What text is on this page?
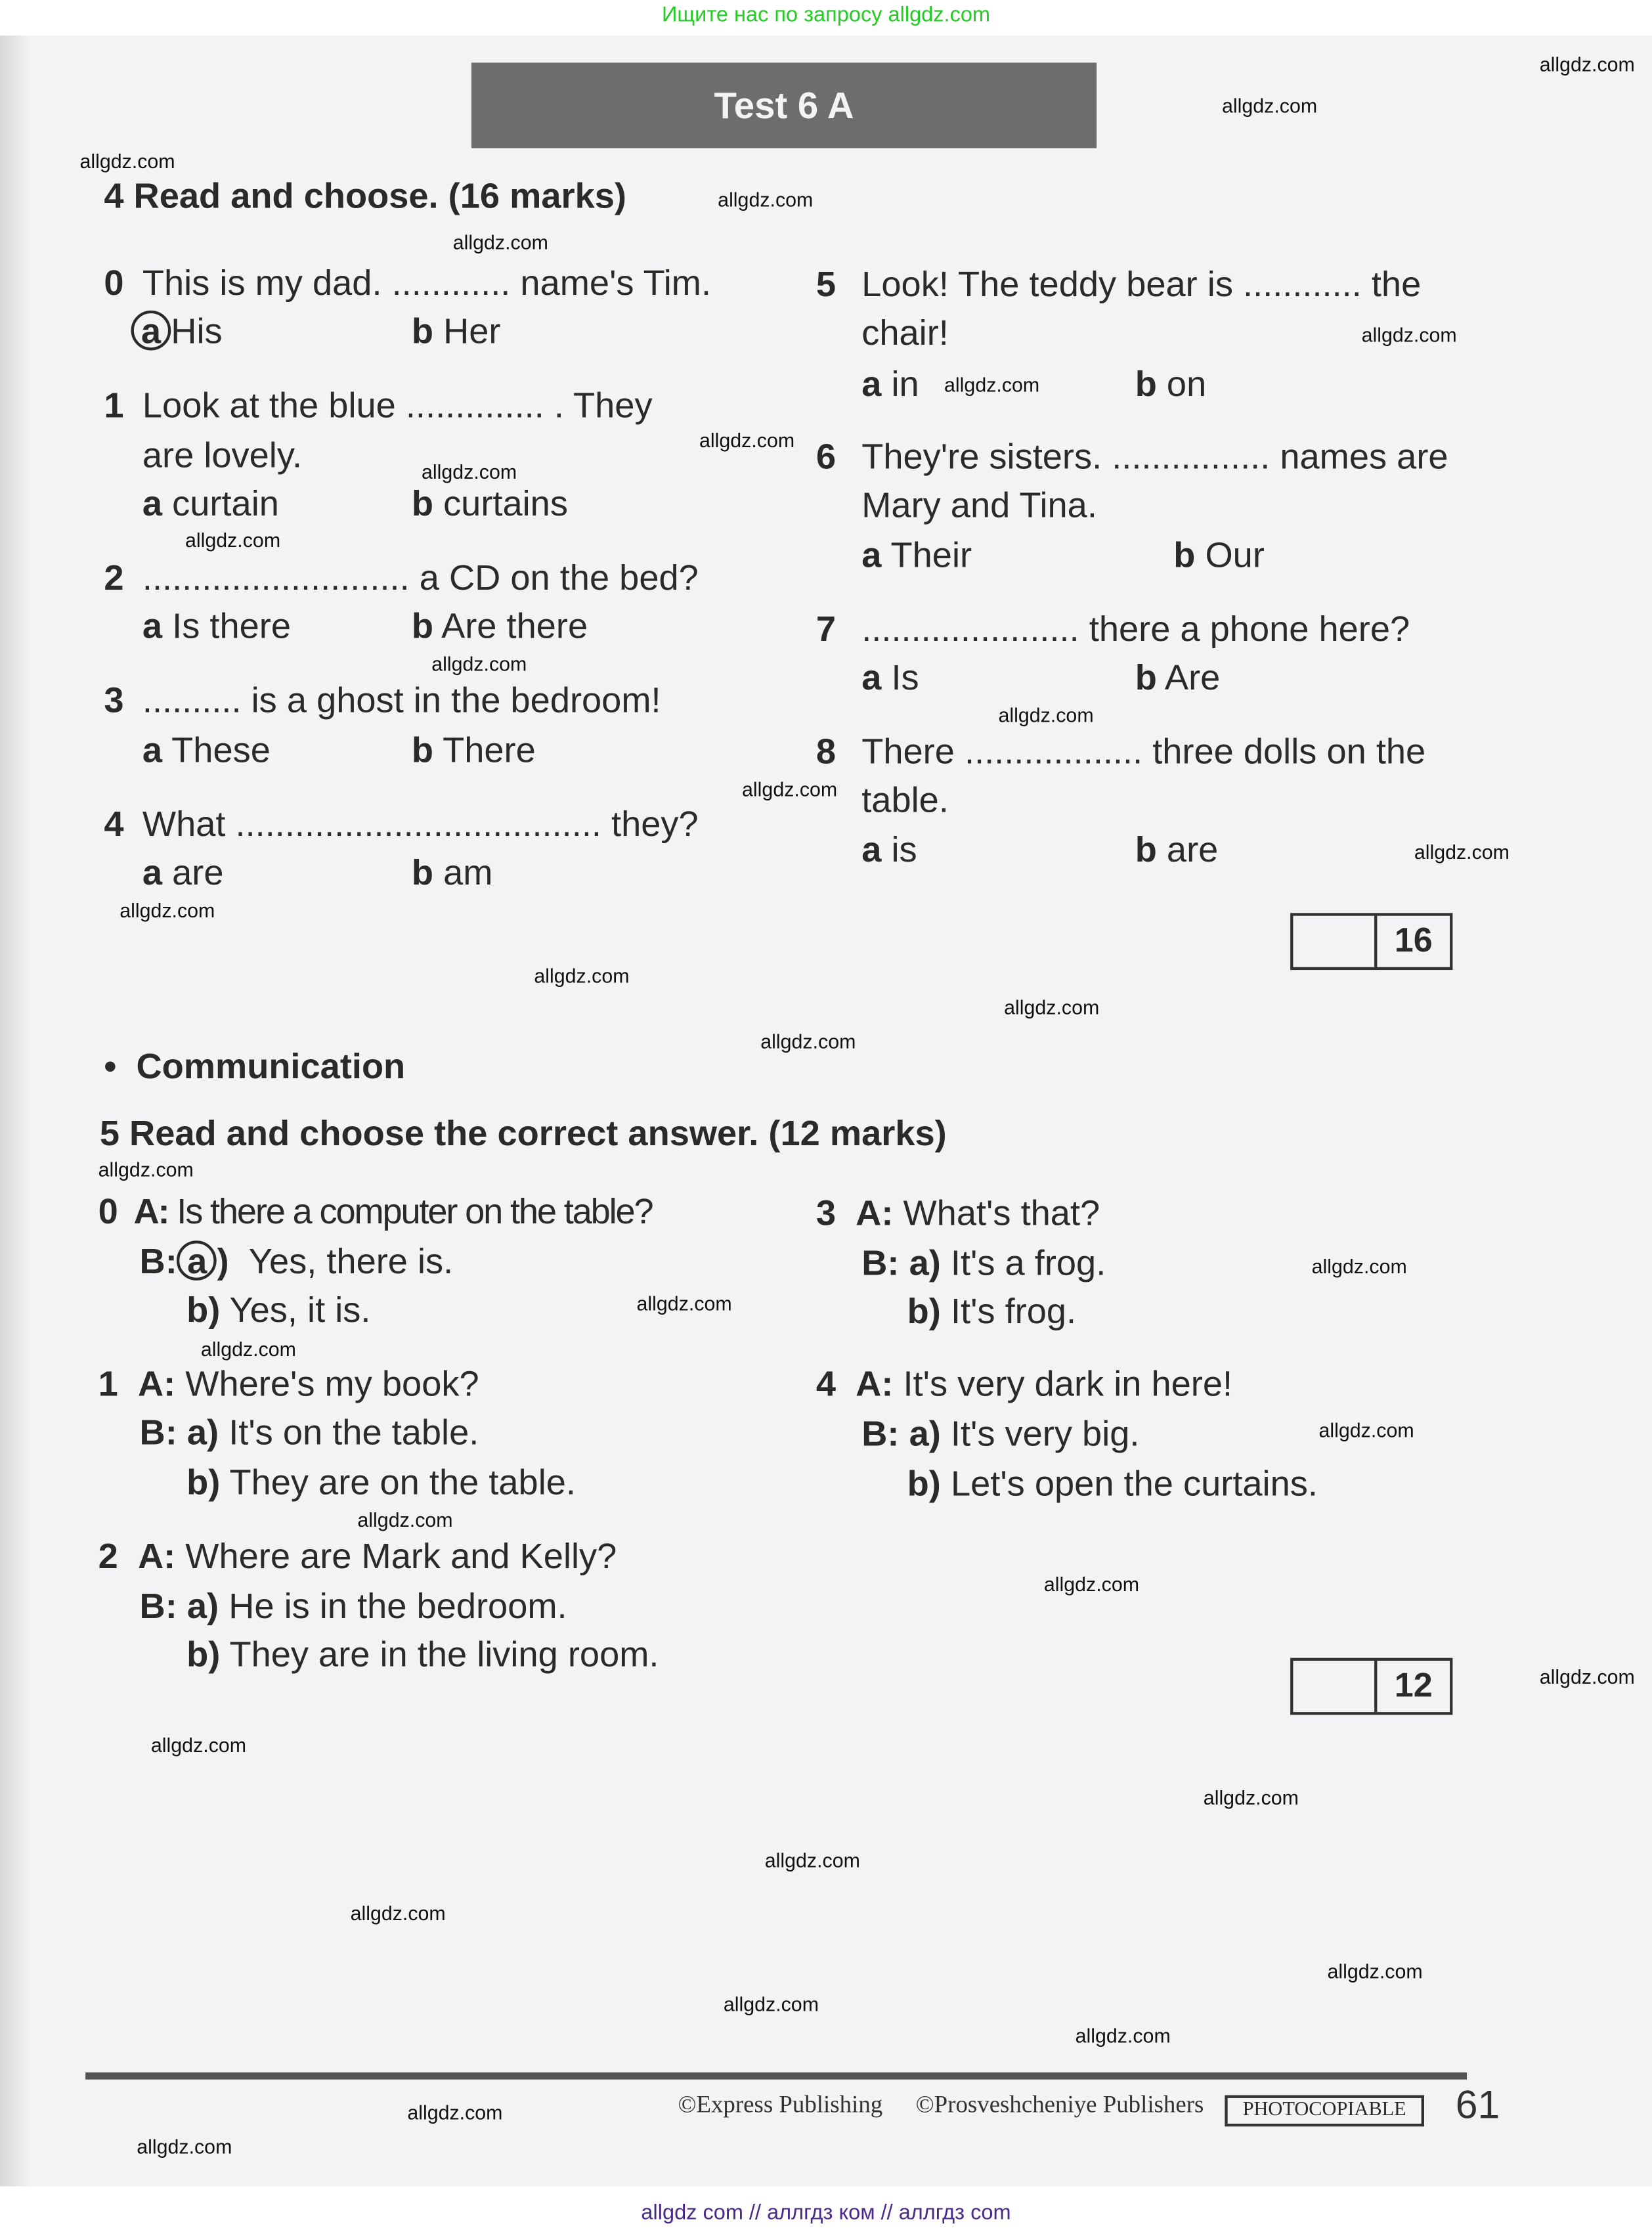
Ищите нас по запросу allgdz.com
Test 6 A
4 Read and choose. (16 marks)
0 This is my dad. ............ name's Tim.
a His	b Her
1 Look at the blue .............. . They
are lovely.
a curtain	b curtains
2 ........................... a CD on the bed?
a Is there	b Are there
3 .......... is a ghost in the bedroom!
a These	b There
4 What ..................................... they?
a are	b am
5 Look! The teddy bear is ............ the
chair!
a in	b on
6 They're sisters. ................ names are
Mary and Tina.
a Their	b Our
7 ...................... there a phone here?
a Is	b Are
8 There .................. three dolls on the
table.
a is	b are
16
•  Communication
5 Read and choose the correct answer. (12 marks)
0 A: Is there a computer on the table?
B: a ) Yes, there is.
b) Yes, it is.
1 A: Where's my book?
B: a) It's on the table.
b) They are on the table.
2 A: Where are Mark and Kelly?
B: a) He is in the bedroom.
b) They are in the living room.
3 A: What's that?
B: a) It's a frog.
b) It's frog.
4 A: It's very dark in here!
B: a) It's very big.
b) Let's open the curtains.
12
©Express Publishing	©Prosveshcheniye Publishers	PHOTOCOPIABLE	61
allgdz com // аллгдз ком // аллгдз com
allgdz.com
allgdz.com
allgdz.com
allgdz.com
allgdz.com
allgdz.com
allgdz.com
allgdz.com
allgdz.com
allgdz.com
allgdz.com
allgdz.com
allgdz.com
allgdz.com
allgdz.com
allgdz.com
allgdz.com
allgdz.com
allgdz.com
allgdz.com
allgdz.com
allgdz.com
allgdz.com
allgdz.com
allgdz.com
allgdz.com
allgdz.com
allgdz.com
allgdz.com
allgdz.com
allgdz.com
allgdz.com
allgdz.com
allgdz.com
allgdz.com
